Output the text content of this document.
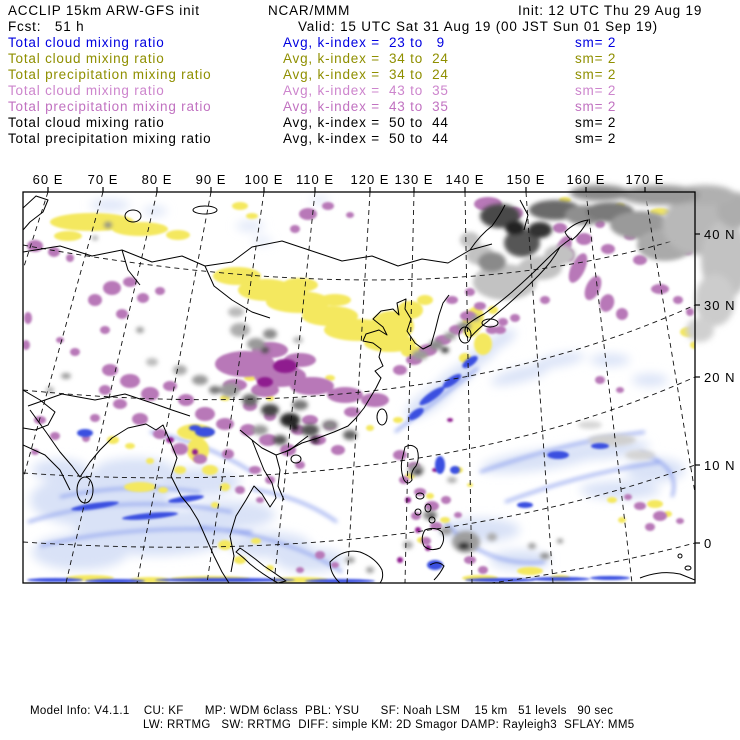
ACCLIP 15km ARW-GFS init	NCAR/MMM	Init: 12 UTC Thu 29 Aug 19
Fcst:   51 h	Valid: 15 UTC Sat 31 Aug 19 (00 JST Sun 01 Sep 19)
Total cloud mixing ratio	Avg, k-index =  23 to   9	sm= 2
Total cloud mixing ratio	Avg, k-index =  34 to  24	sm= 2
Total precipitation mixing ratio	Avg, k-index =  34 to  24	sm= 2
Total cloud mixing ratio	Avg, k-index =  43 to  35	sm= 2
Total precipitation mixing ratio	Avg, k-index =  43 to  35	sm= 2
Total cloud mixing ratio	Avg, k-index =  50 to  44	sm= 2
Total precipitation mixing ratio	Avg, k-index =  50 to  44	sm= 2
60 E 70 E 80 E 90 E 100 E 110 E 120 E 130 E 140 E 150 E 160 E 170 E
40 N
30 N
20 N
10 N
0
Model Info: V4.1.1    CU: KF      MP: WDM 6class  PBL: YSU      SF: Noah LSM    15 km   51 levels   90 sec
LW: RRTMG   SW: RRTMG  DIFF: simple KM: 2D Smagor DAMP: Rayleigh3  SFLAY: MM5
